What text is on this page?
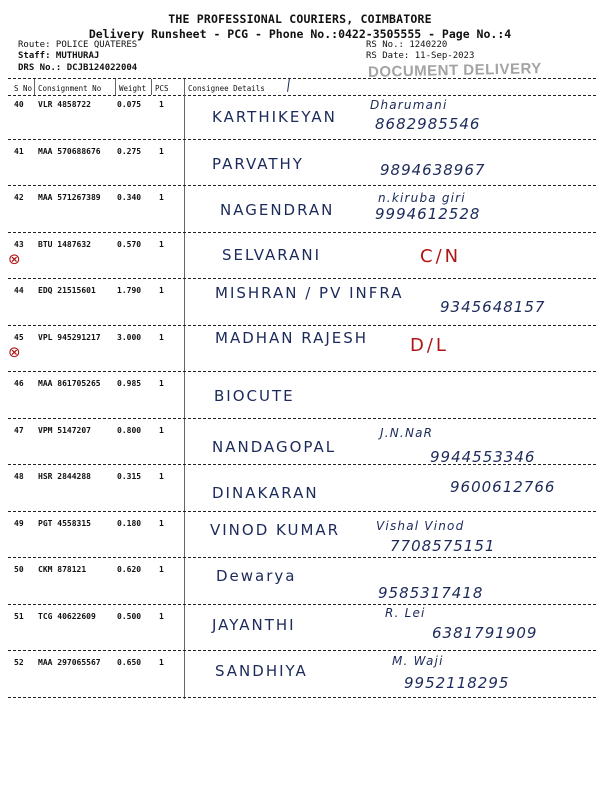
THE PROFESSIONAL COURIERS, COIMBATORE
Delivery Runsheet - PCG - Phone No.:0422-3505555 - Page No.:4
Route: POLICE QUATERES
Staff: MUTHURAJ
DRS No.: DCJB124022004
RS No.: 1240220
RS Date: 11-Sep-2023
DOCUMENT DELIVERY
S No Consignment No Weight PCS	Consignee Details
40 VLR 4858722	0.075 1
KARTHIKEYAN
Dharumani
8682985546
41 MAA 570688676 0.275 1
PARVATHY	9894638967
42 MAA 571267389 0.340 1
NAGENDRAN
n.kiruba giri
9994612528
43 BTU 1487632	0.570 1
SELVARANI	C/N
⊗
44 EDQ 21515601	1.790 1	MISHRAN / PV INFRA
9345648157
45 VPL 945291217 3.000 1	MADHAN RAJESH D/L
⊗
46 MAA 861705265 0.985 1
BIOCUTE
47 VPM 5147207	0.800 1
NANDAGOPAL
J.N.NaR
9944553346
48 HSR 2844288	0.315 1
DINAKARAN	9600612766
49 PGT 4558315	0.180 1	VINOD KUMAR	Vishal Vinod
7708575151
50 CKM 878121	0.620 1	Dewarya
9585317418
51 TCG 40622609	0.500 1	JAYANTHI
R. Lei
6381791909
52 MAA 297065567 0.650 1	SANDHIYA
M. Waji
9952118295
